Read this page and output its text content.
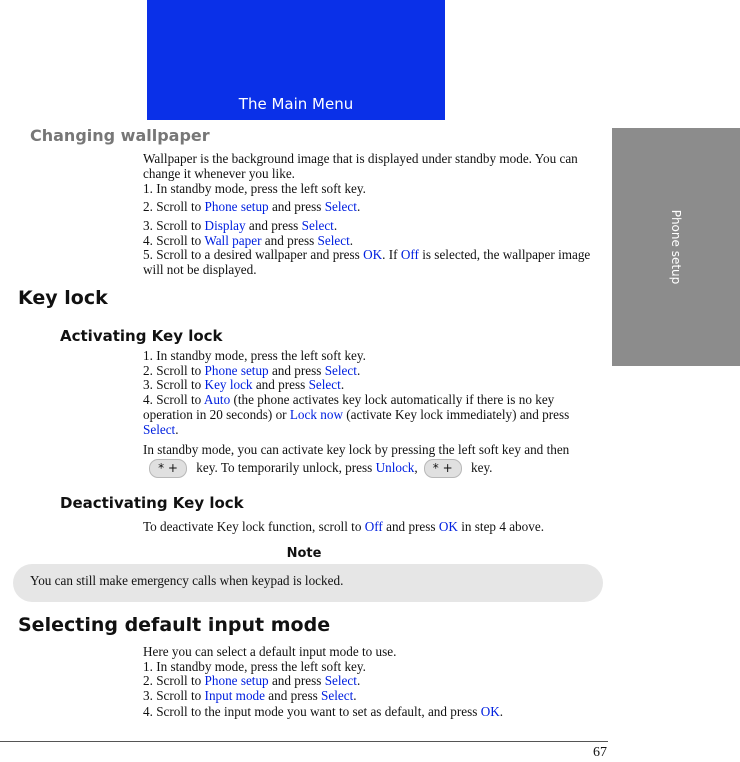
The Main Menu
Phone setup
Changing wallpaper
Wallpaper is the background image that is displayed under standby mode. You can change it whenever you like.
1. In standby mode, press the left soft key.
2. Scroll to Phone setup and press Select.
3. Scroll to Display and press Select.
4. Scroll to Wall paper and press Select.
5. Scroll to a desired wallpaper and press OK. If Off is selected, the wallpaper image will not be displayed.
Key lock
Activating Key lock
1. In standby mode, press the left soft key.
2. Scroll to Phone setup and press Select.
3. Scroll to Key lock and press Select.
4. Scroll to Auto (the phone activates key lock automatically if there is no key operation in 20 seconds) or Lock now (activate Key lock immediately) and press Select.
In standby mode, you can activate key lock by pressing the left soft key and then* + key. To temporarily unlock, press Unlock, * + key.
Deactivating Key lock
To deactivate Key lock function, scroll to Off and press OK in step 4 above.
Note
You can still make emergency calls when keypad is locked.
Selecting default input mode
Here you can select a default input mode to use.
1. In standby mode, press the left soft key.
2. Scroll to Phone setup and press Select.
3. Scroll to Input mode and press Select.
4. Scroll to the input mode you want to set as default, and press OK.
67
